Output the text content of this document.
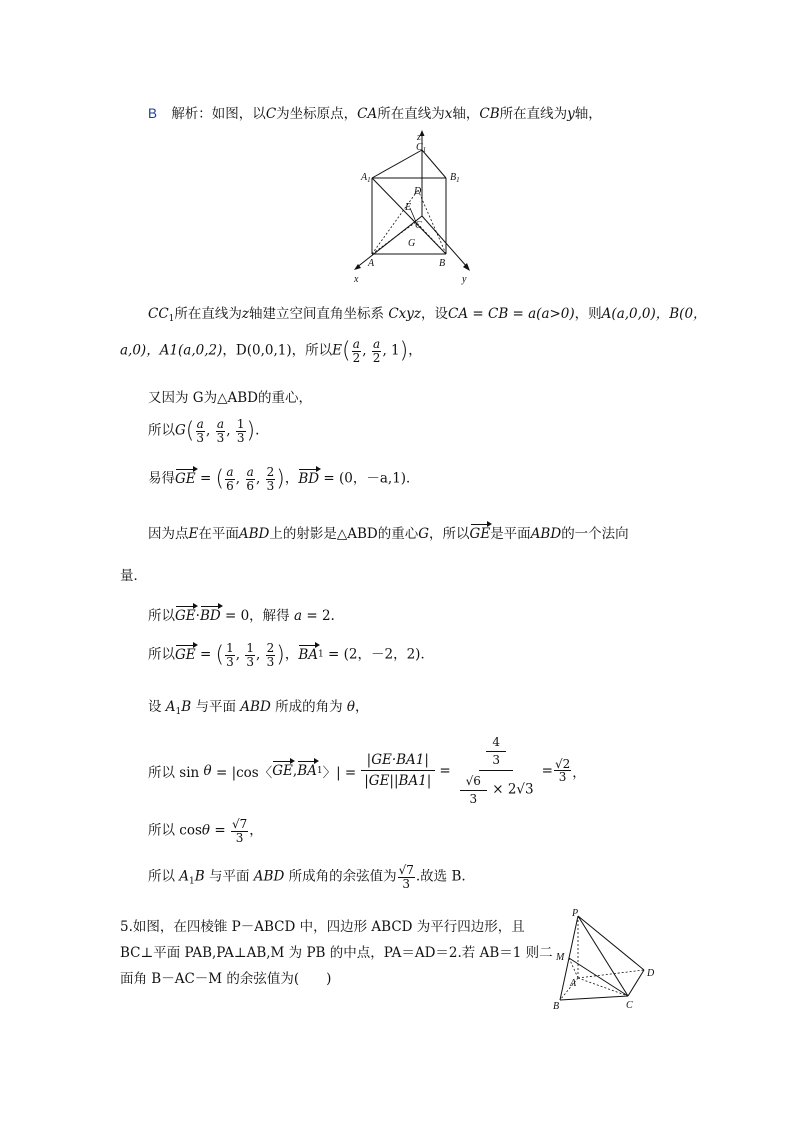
B 解析：如图，以C为坐标原点，CA所在直线为x轴，CB所在直线为y轴，
z
$C_1$
$A_1$	$B_1$
D
E
C
G
x
A	B
y
$CC_1$所在直线为z轴建立空间直角坐标系 Cxyz，设CA = CB = a(a>0)，则A(a,0,0)，B(0，
a,0)，A1(a,0,2)，D(0,0,1)，所以$E( \frac{a}{2}$ , $\frac{a}{2}$ , 1)，
又因为 G为△ABD的重心，
所以$G( \frac{a}{3}$ , $\frac{a}{3}$ , $\frac{1}{3}$ ).
易得GE = ( $\frac{a}{6}$ , $\frac{a}{6}$ , $\frac{2}{3}$ )，BD = (0，－a,1)．
因为点E在平面ABD上的射影是△ABD的重心G，所以GE是平面ABD的一个法向
量．
所以GE·BD = 0，解得 a = 2.
所以GE = ( $\frac{1}{3}$ , $\frac{1}{3}$ , $\frac{2}{3}$ )，BA1 = (2，－2，2)．
设 $A_1B$ 与平面 ABD 所成的角为 θ，
所以 sin
θ
= |cos〈 GE , BA 1 〉| = $\frac{|GE\cdot BA1|}{|GE||BA1|} = \frac{\frac{4}{3}}{\frac{√6}{3} \times 2√3} = \frac{√2}{3}$ ，
所以 $\cos\theta = \frac{√7}{3}$ ，
所以 $A_1B$ 与平面 ABD 所成角的余弦值为 $\frac{√7}{3}$ .故选 B.
5.如图，在四棱锥 P－ABCD 中，四边形 ABCD 为平行四边形，且
BC⊥平面 PAB,PA⊥AB,M 为 PB 的中点，PA＝AD＝2.若 AB＝1 则二
面角 B－AC－M 的余弦值为(　　)
P
M
A
D
B	C
